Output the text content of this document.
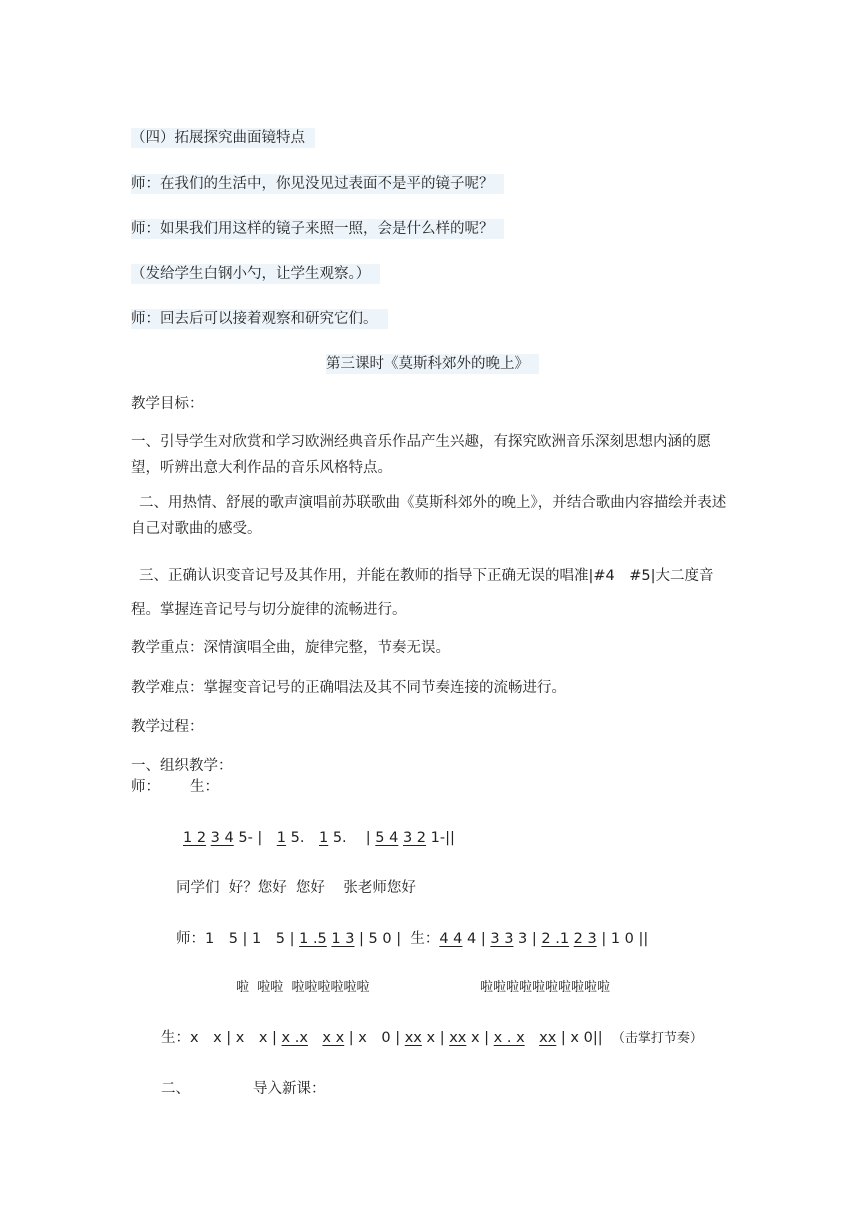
（四）拓展探究曲面镜特点
师：在我们的生活中，你见没见过表面不是平的镜子呢？
师：如果我们用这样的镜子来照一照，会是什么样的呢？
（发给学生白钢小勺，让学生观察。）
师：回去后可以接着观察和研究它们。
第三课时《莫斯科郊外的晚上》
教学目标：
一、引导学生对欣赏和学习欧洲经典音乐作品产生兴趣，有探究欧洲音乐深刻思想内涵的愿望，听辨出意大利作品的音乐风格特点。
二、用热情、舒展的歌声演唱前苏联歌曲《莫斯科郊外的晚上》，并结合歌曲内容描绘并表述自己对歌曲的感受。
三、正确认识变音记号及其作用，并能在教师的指导下正确无误的唱准|#4　#5|大二度音
程。掌握连音记号与切分旋律的流畅进行。
教学重点：深情演唱全曲，旋律完整，节奏无误。
教学难点：掌握变音记号的正确唱法及其不同节奏连接的流畅进行。
教学过程：
一、组织教学：
师： 生：
1 2 3 4 5- |　1 5.　1 5.　 | 5 4 3 2 1-||
同学们  好？您好  您好    张老师您好
师：1　5 | 1　5 | 1 .5 1 3 | 5 0 |  生：4 4 4 | 3 3 3 | 2 .1 2 3 | 1 0 ||
啦  啦啦  啦啦啦啦啦啦	啦啦啦啦啦啦啦啦啦啦
生：x　x | x　x | x .x　 x x | x　0 | xx x | xx x | x . x　 xx | x 0|| （击掌打节奏）
二、	导入新课：
